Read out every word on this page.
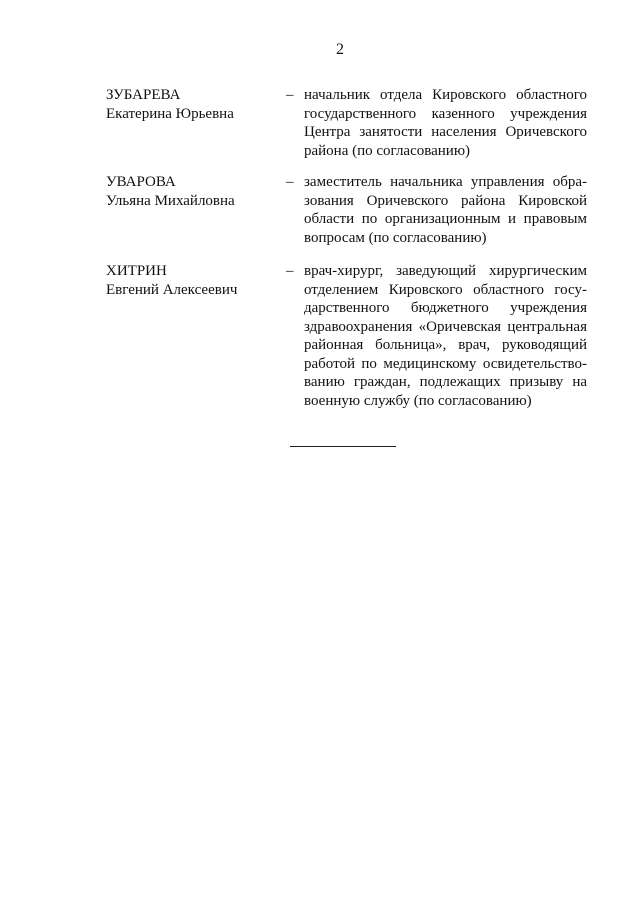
2
ЗУБАРЕВА
Екатерина Юрьевна
– начальник отдела Кировского областного
государственного казенного учреждения
Центра занятости населения Оричевского
района (по согласованию)
УВАРОВА
Ульяна Михайловна
– заместитель начальника управления обра-
зования Оричевского района Кировской
области по организационным и правовым
вопросам (по согласованию)
ХИТРИН
Евгений Алексеевич
– врач-хирург, заведующий хирургическим
отделением Кировского областного госу-
дарственного бюджетного учреждения
здравоохранения «Оричевская центральная
районная больница», врач, руководящий
работой по медицинскому освидетельство-
ванию граждан, подлежащих призыву на
военную службу (по согласованию)
